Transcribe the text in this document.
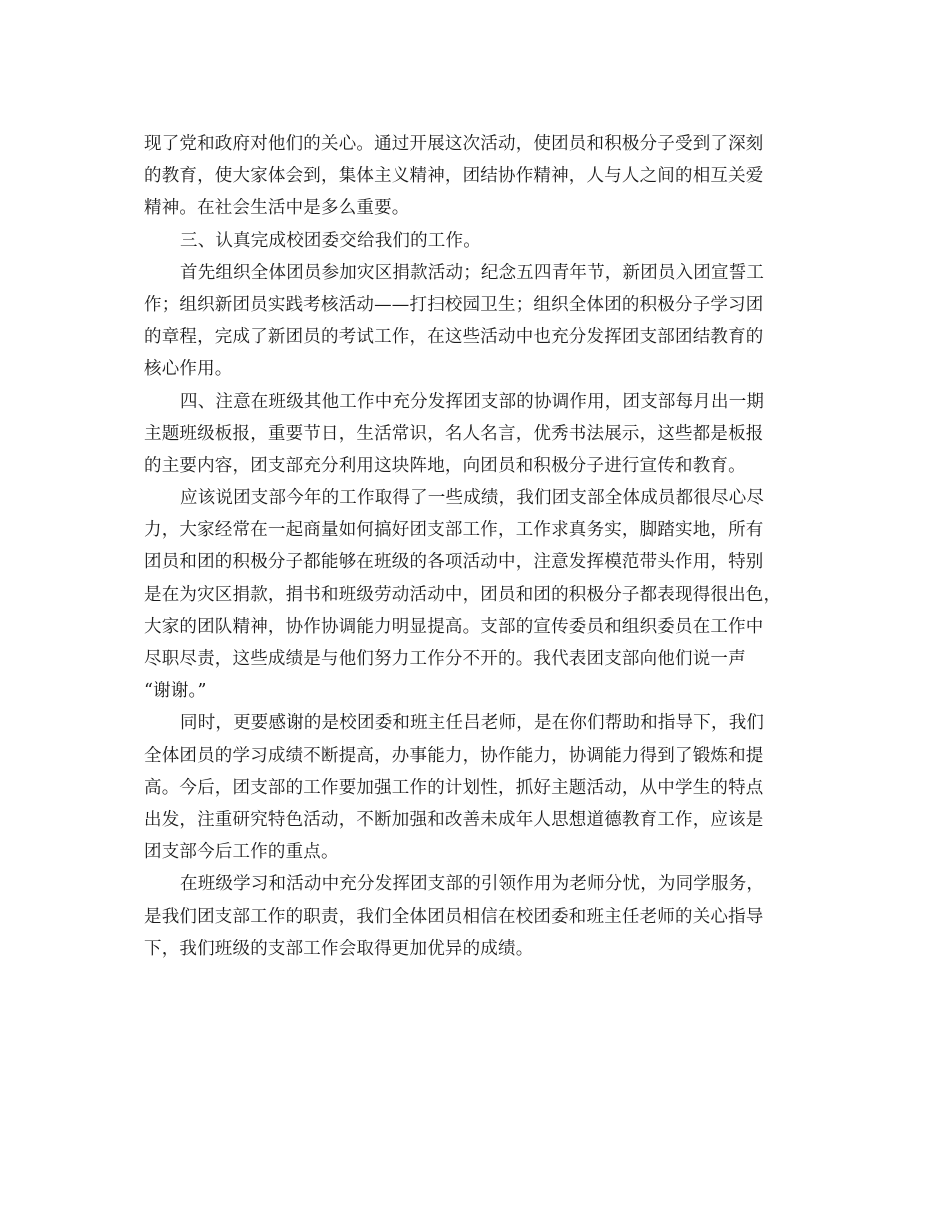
现了党和政府对他们的关心。通过开展这次活动，使团员和积极分子受到了深刻
的教育，使大家体会到，集体主义精神，团结协作精神，人与人之间的相互关爱
精神。在社会生活中是多么重要。
三、认真完成校团委交给我们的工作。
首先组织全体团员参加灾区捐款活动；纪念五四青年节，新团员入团宣誓工
作；组织新团员实践考核活动——打扫校园卫生；组织全体团的积极分子学习团
的章程，完成了新团员的考试工作，在这些活动中也充分发挥团支部团结教育的
核心作用。
四、注意在班级其他工作中充分发挥团支部的协调作用，团支部每月出一期
主题班级板报，重要节日，生活常识，名人名言，优秀书法展示，这些都是板报
的主要内容，团支部充分利用这块阵地，向团员和积极分子进行宣传和教育。
应该说团支部今年的工作取得了一些成绩，我们团支部全体成员都很尽心尽
力，大家经常在一起商量如何搞好团支部工作，工作求真务实，脚踏实地，所有
团员和团的积极分子都能够在班级的各项活动中，注意发挥模范带头作用，特别
是在为灾区捐款，捐书和班级劳动活动中，团员和团的积极分子都表现得很出色，
大家的团队精神，协作协调能力明显提高。支部的宣传委员和组织委员在工作中
尽职尽责，这些成绩是与他们努力工作分不开的。我代表团支部向他们说一声
“谢谢。”
同时，更要感谢的是校团委和班主任吕老师，是在你们帮助和指导下，我们
全体团员的学习成绩不断提高，办事能力，协作能力，协调能力得到了锻炼和提
高。今后，团支部的工作要加强工作的计划性，抓好主题活动，从中学生的特点
出发，注重研究特色活动，不断加强和改善未成年人思想道德教育工作，应该是
团支部今后工作的重点。
在班级学习和活动中充分发挥团支部的引领作用为老师分忧，为同学服务，
是我们团支部工作的职责，我们全体团员相信在校团委和班主任老师的关心指导
下，我们班级的支部工作会取得更加优异的成绩。
